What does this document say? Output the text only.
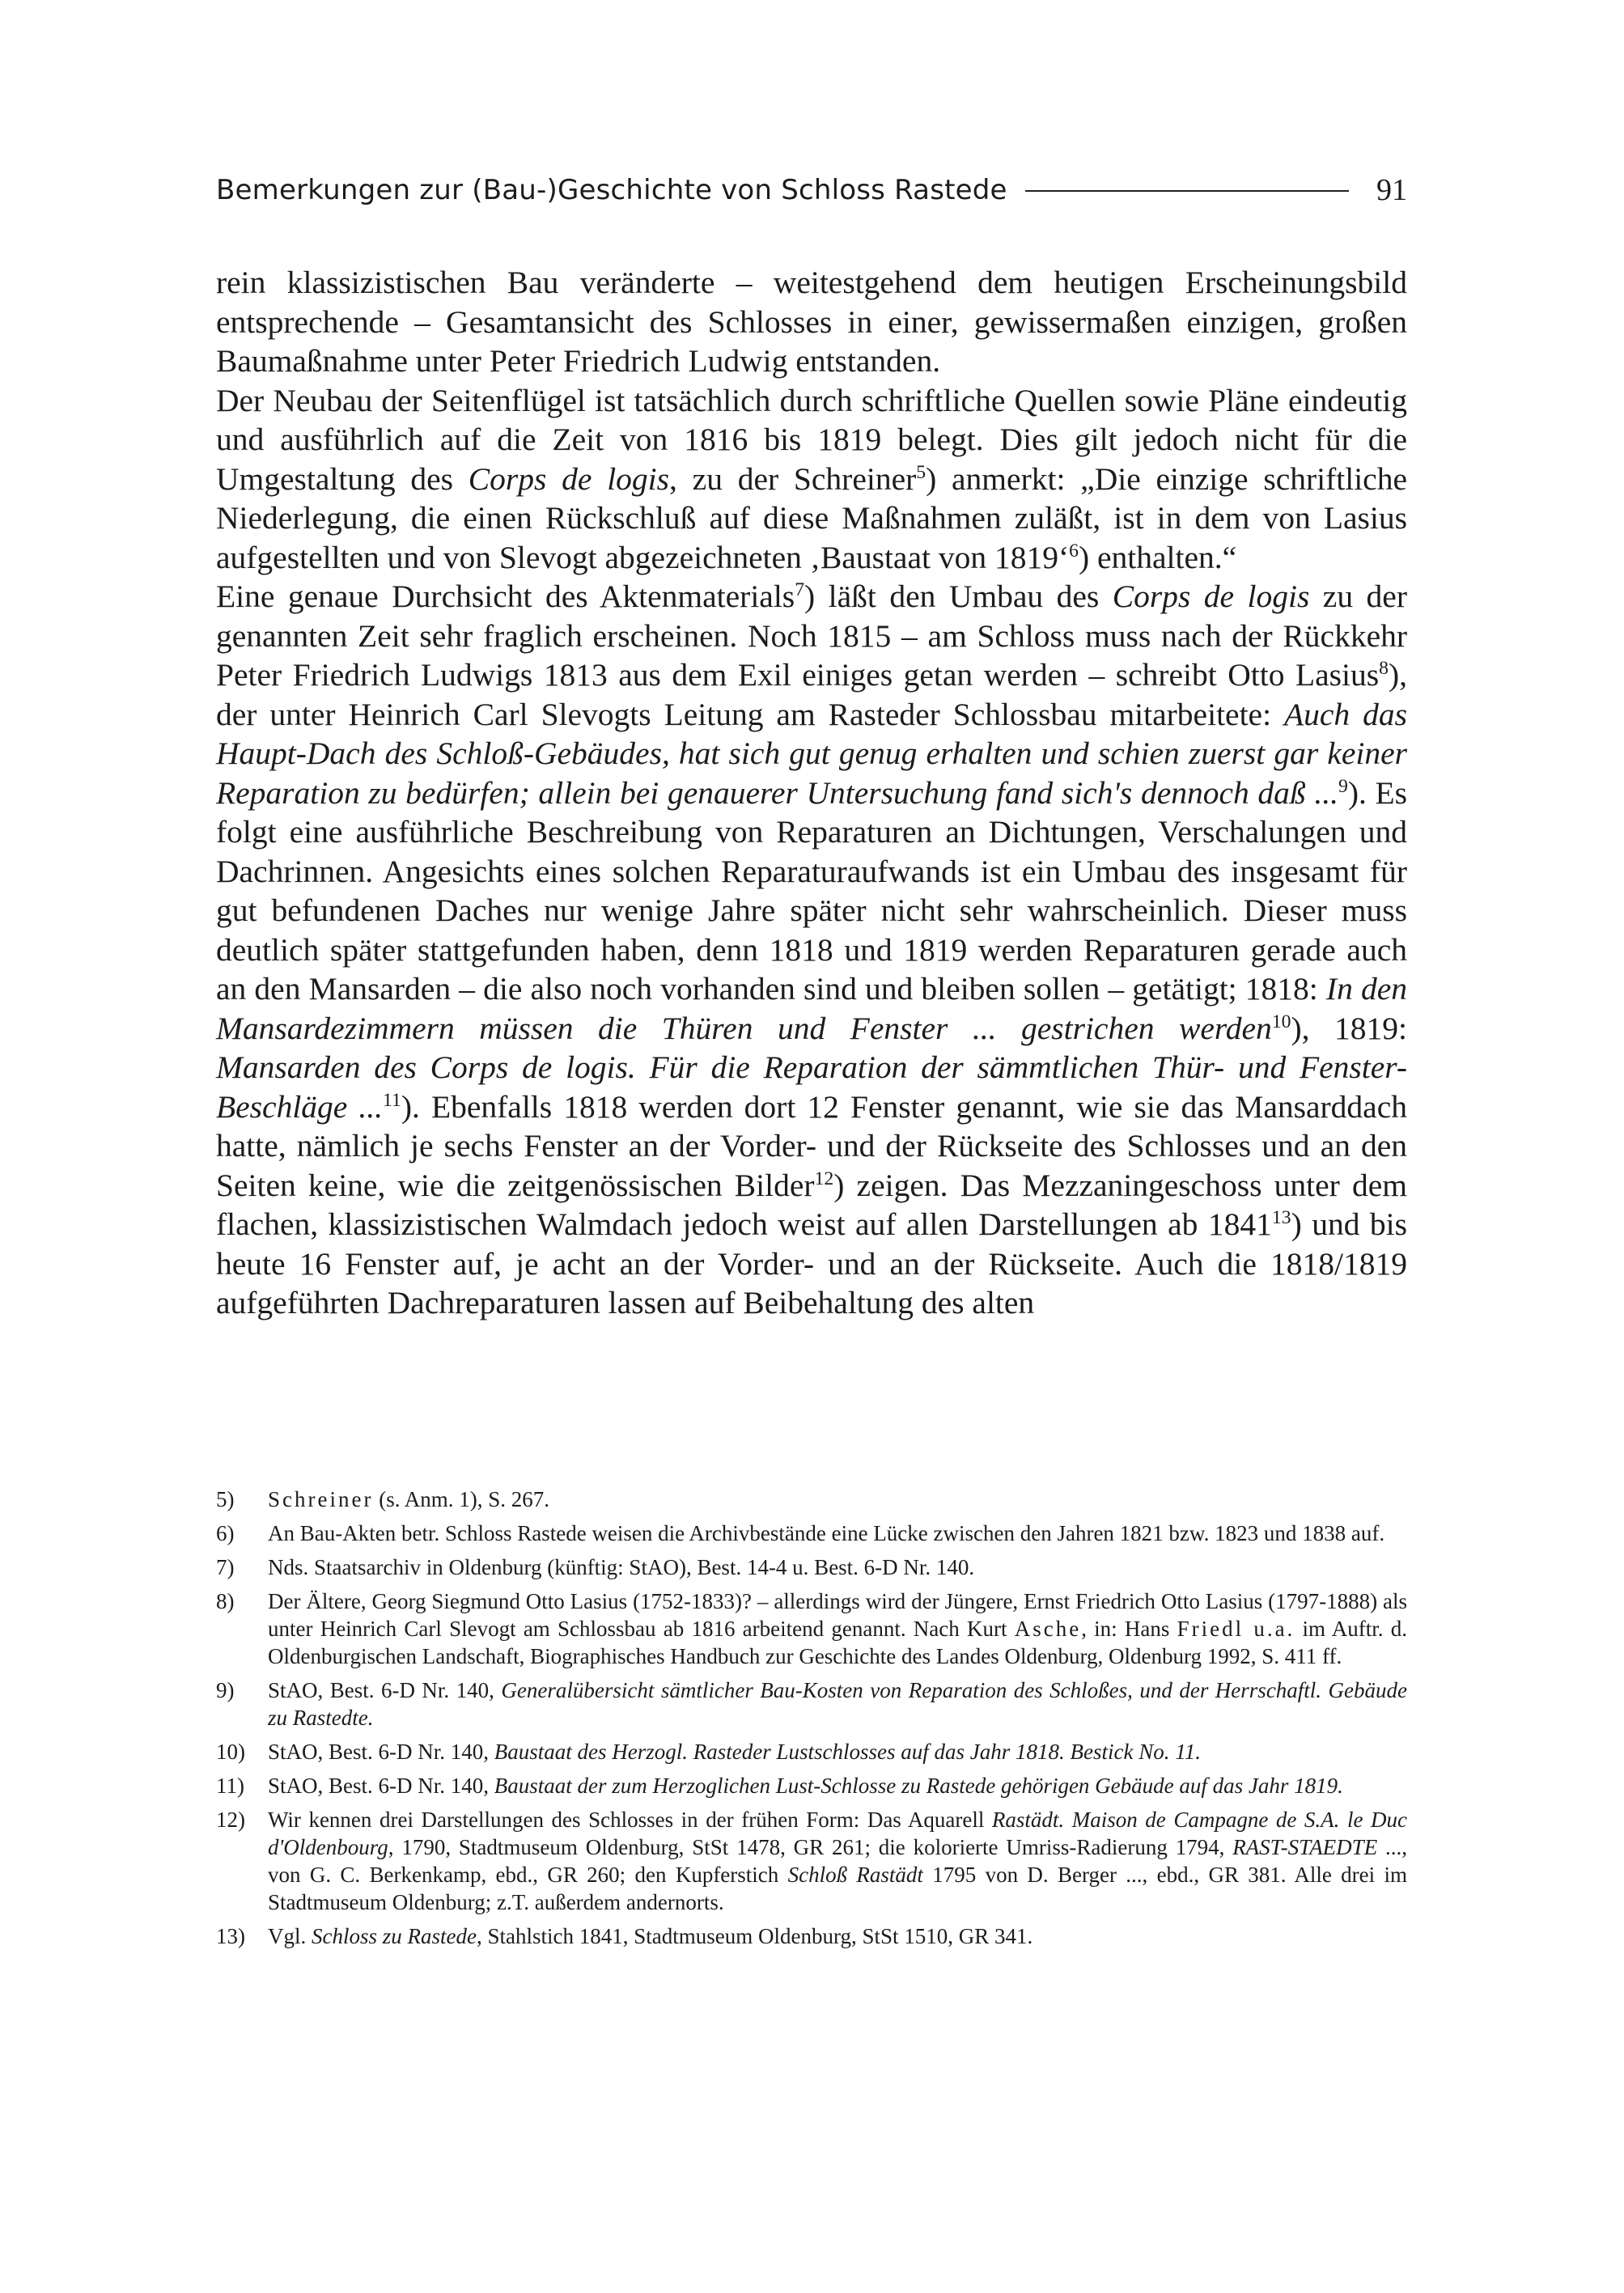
Bemerkungen zur (Bau-)Geschichte von Schloss Rastede	91

rein klassizistischen Bau veränderte – weitestgehend dem heutigen Erscheinungsbild entsprechende – Gesamtansicht des Schlosses in einer, gewissermaßen einzigen, großen Baumaßnahme unter Peter Friedrich Ludwig entstanden.

Der Neubau der Seitenflügel ist tatsächlich durch schriftliche Quellen sowie Pläne eindeutig und ausführlich auf die Zeit von 1816 bis 1819 belegt. Dies gilt jedoch nicht für die Umgestaltung des Corps de logis, zu der Schreiner$^5$) anmerkt: „Die einzige schriftliche Niederlegung, die einen Rückschluß auf diese Maßnahmen zuläßt, ist in dem von Lasius aufgestellten und von Slevogt abgezeichneten ‚Baustaat von 1819‘$^6$) enthalten.“

Eine genaue Durchsicht des Aktenmaterials$^7$) läßt den Umbau des Corps de logis zu der genannten Zeit sehr fraglich erscheinen. Noch 1815 – am Schloss muss nach der Rückkehr Peter Friedrich Ludwigs 1813 aus dem Exil einiges getan werden – schreibt Otto Lasius$^8$), der unter Heinrich Carl Slevogts Leitung am Rasteder Schlossbau mitarbeitete: Auch das Haupt-Dach des Schloß-Gebäudes, hat sich gut genug erhalten und schien zuerst gar keiner Reparation zu bedürfen; allein bei genauerer Untersuchung fand sich's dennoch daß ...$^9$). Es folgt eine ausführliche Beschreibung von Reparaturen an Dichtungen, Verschalungen und Dachrinnen. Angesichts eines solchen Reparaturaufwands ist ein Umbau des insgesamt für gut befundenen Daches nur wenige Jahre später nicht sehr wahrscheinlich. Dieser muss deutlich später stattgefunden haben, denn 1818 und 1819 werden Reparaturen gerade auch an den Mansarden – die also noch vorhanden sind und bleiben sollen – getätigt; 1818: In den Mansardezimmern müssen die Thüren und Fenster ... gestrichen werden$^{10}$), 1819: Mansarden des Corps de logis. Für die Reparation der sämmtlichen Thür- und Fenster-Beschläge ...$^{11}$). Ebenfalls 1818 werden dort 12 Fenster genannt, wie sie das Mansarddach hatte, nämlich je sechs Fenster an der Vorder- und der Rückseite des Schlosses und an den Seiten keine, wie die zeitgenössischen Bilder$^{12}$) zeigen. Das Mezzaningeschoss unter dem flachen, klassizistischen Walmdach jedoch weist auf allen Darstellungen ab 1841$^{13}$) und bis heute 16 Fenster auf, je acht an der Vorder- und an der Rückseite. Auch die 1818/1819 aufgeführten Dachreparaturen lassen auf Beibehaltung des alten

5)	Schreiner (s. Anm. 1), S. 267.
6)	An Bau-Akten betr. Schloss Rastede weisen die Archivbestände eine Lücke zwischen den Jahren 1821 bzw. 1823 und 1838 auf.
7)	Nds. Staatsarchiv in Oldenburg (künftig: StAO), Best. 14-4 u. Best. 6-D Nr. 140.
8)	Der Ältere, Georg Siegmund Otto Lasius (1752-1833)? – allerdings wird der Jüngere, Ernst Friedrich Otto Lasius (1797-1888) als unter Heinrich Carl Slevogt am Schlossbau ab 1816 arbeitend genannt. Nach Kurt Asche, in: Hans Friedl u.a. im Auftr. d. Oldenburgischen Landschaft, Biographisches Handbuch zur Geschichte des Landes Oldenburg, Oldenburg 1992, S. 411 ff.
9)	StAO, Best. 6-D Nr. 140, Generalübersicht sämtlicher Bau-Kosten von Reparation des Schloßes, und der Herrschaftl. Gebäude zu Rastedte.
10)	StAO, Best. 6-D Nr. 140, Baustaat des Herzogl. Rasteder Lustschlosses auf das Jahr 1818. Bestick No. 11.
11)	StAO, Best. 6-D Nr. 140, Baustaat der zum Herzoglichen Lust-Schlosse zu Rastede gehörigen Gebäude auf das Jahr 1819.
12)	Wir kennen drei Darstellungen des Schlosses in der frühen Form: Das Aquarell Rastädt. Maison de Campagne de S.A. le Duc d'Oldenbourg, 1790, Stadtmuseum Oldenburg, StSt 1478, GR 261; die kolorierte Umriss-Radierung 1794, RAST-STAEDTE ..., von G. C. Berkenkamp, ebd., GR 260; den Kupferstich Schloß Rastädt 1795 von D. Berger ..., ebd., GR 381. Alle drei im Stadtmuseum Oldenburg; z.T. außerdem andernorts.
13)	Vgl. Schloss zu Rastede, Stahlstich 1841, Stadtmuseum Oldenburg, StSt 1510, GR 341.
